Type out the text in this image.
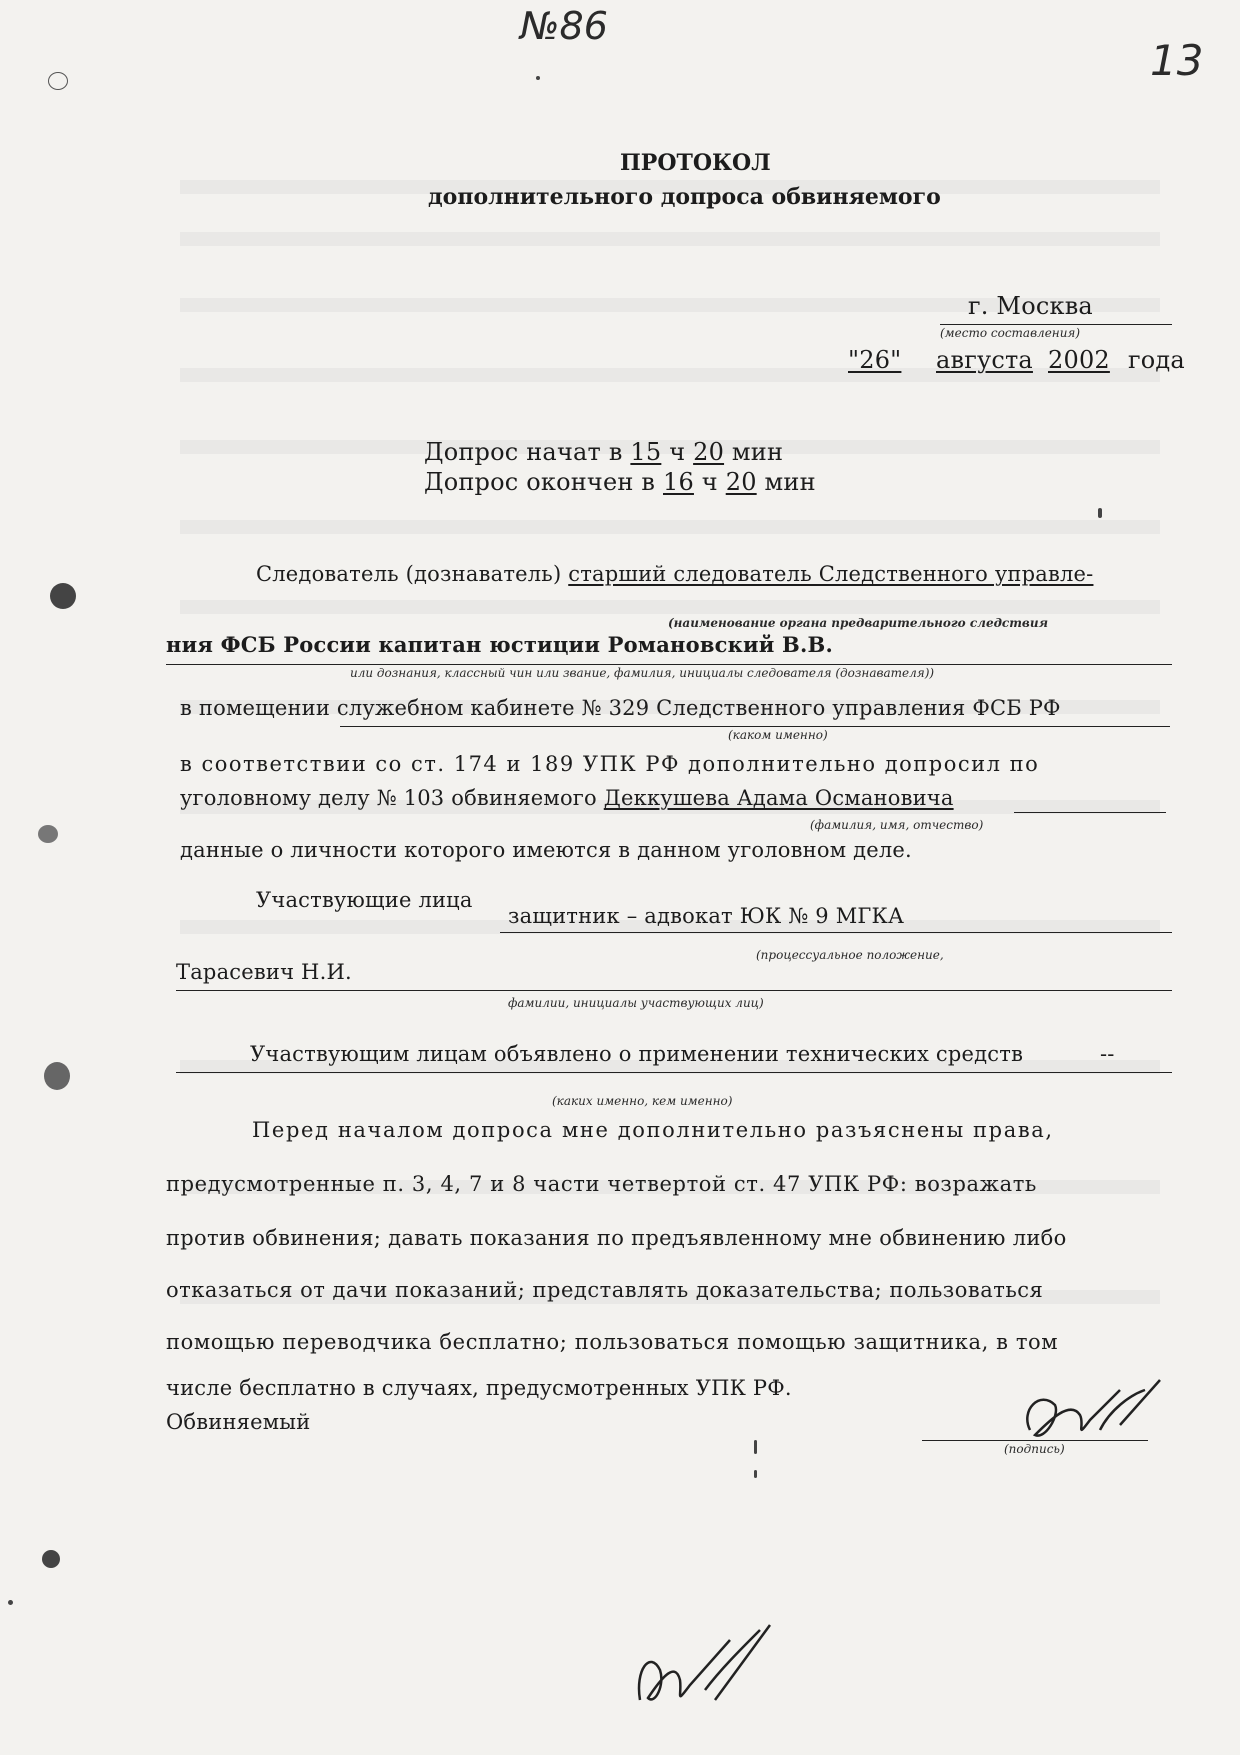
№86
13
ПРОТОКОЛ
дополнительного допроса обвиняемого
г. Москва
(место составления)
"26" августа 2002 года
Допрос начат в 15 ч 20 мин
Допрос окончен в 16 ч 20 мин
Следователь (дознаватель) старший следователь Следственного управле-
(наименование органа предварительного следствия
ния ФСБ России капитан юстиции Романовский В.В.
или дознания, классный чин или звание, фамилия, инициалы следователя (дознавателя))
в помещении служебном кабинете № 329 Следственного управления ФСБ РФ
(каком именно)
в соответствии со ст. 174 и 189 УПК РФ дополнительно допросил по
уголовному делу № 103 обвиняемого Деккушева Адама Османовича
(фамилия, имя, отчество)
данные о личности которого имеются в данном уголовном деле.
Участвующие лица
защитник – адвокат ЮК № 9 МГКА
(процессуальное положение,
Тарасевич Н.И.
фамилии, инициалы участвующих лиц)
Участвующим лицам объявлено о применении технических средств	--
(каких именно, кем именно)
Перед началом допроса мне дополнительно разъяснены права,
предусмотренные п. 3, 4, 7 и 8 части четвертой ст. 47 УПК РФ: возражать
против обвинения; давать показания по предъявленному мне обвинению либо
отказаться от дачи показаний; представлять доказательства; пользоваться
помощью переводчика бесплатно; пользоваться помощью защитника, в том
числе бесплатно в случаях, предусмотренных УПК РФ.
Обвиняемый
(подпись)
